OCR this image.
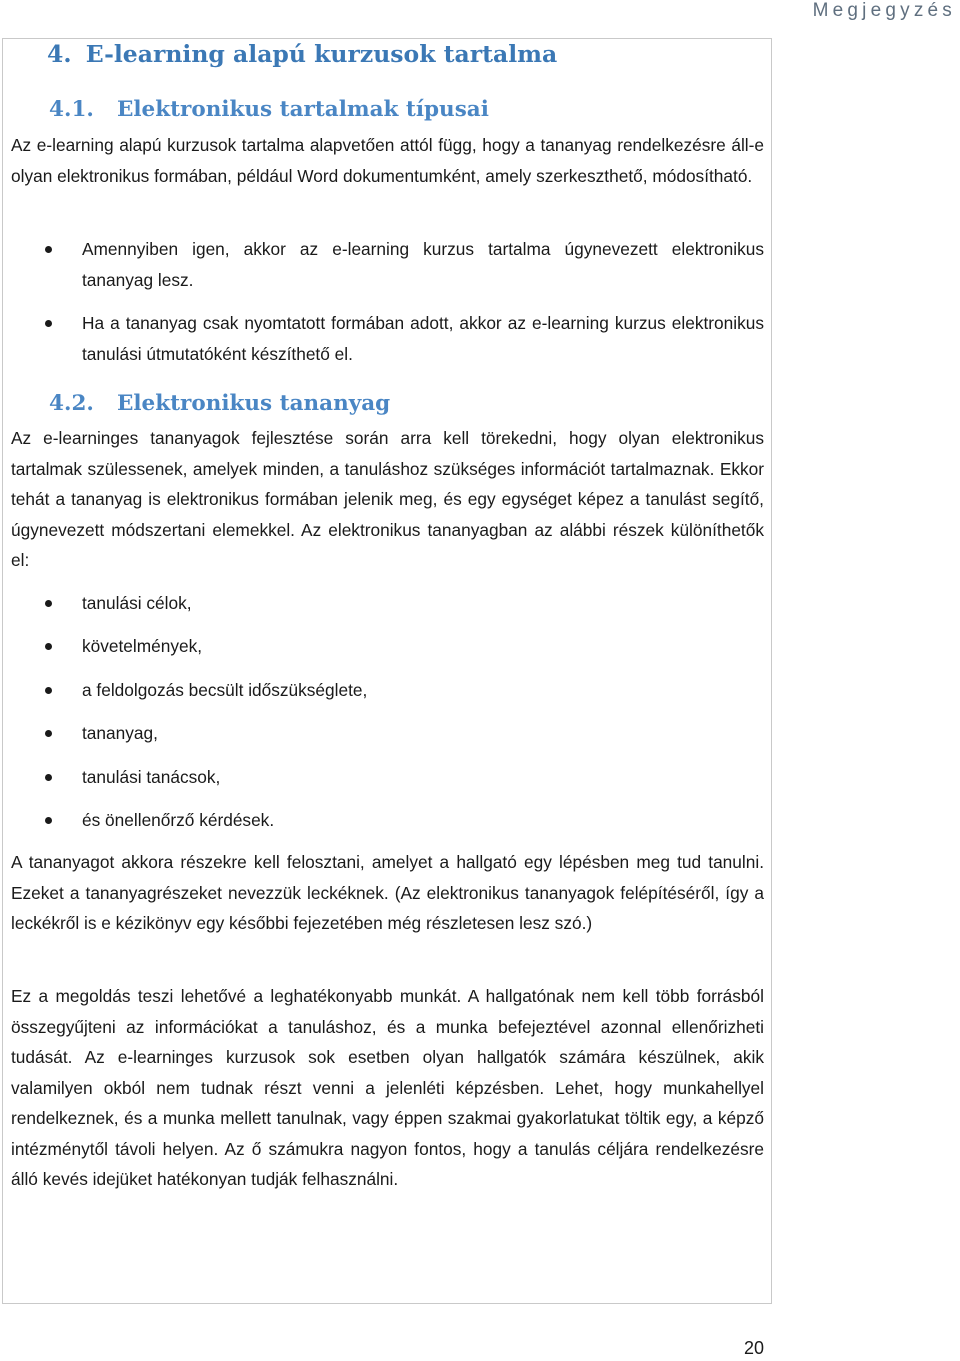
Megjegyzés
4. E-learning alapú kurzusok tartalma
4.1. Elektronikus tartalmak típusai

Az e-learning alapú kurzusok tartalma alapvetően attól függ, hogy a tananyag rendelkezésre áll-e olyan elektronikus formában, például Word dokumentumként, amely szerkeszthető, módosítható.

Amennyiben igen, akkor az e-learning kurzus tartalma úgynevezett elektronikus tananyag lesz.
Ha a tananyag csak nyomtatott formában adott, akkor az e-learning kurzus elektronikus tanulási útmutatóként készíthető el.
4.2. Elektronikus tananyag

Az e-learninges tananyagok fejlesztése során arra kell törekedni, hogy olyan elektronikus tartalmak szülessenek, amelyek minden, a tanuláshoz szükséges információt tartalmaznak. Ekkor tehát a tananyag is elektronikus formában jelenik meg, és egy egységet képez a tanulást segítő, úgynevezett módszertani elemekkel. Az elektronikus tananyagban az alábbi részek különíthetők el:

tanulási célok,
követelmények,
a feldolgozás becsült időszükséglete,
tananyag,
tanulási tanácsok,
és önellenőrző kérdések.

A tananyagot akkora részekre kell felosztani, amelyet a hallgató egy lépésben meg tud tanulni. Ezeket a tananyagrészeket nevezzük leckéknek. (Az elektronikus tananyagok felépítéséről, így a leckékről is e kézikönyv egy későbbi fejezetében még részletesen lesz szó.)

Ez a megoldás teszi lehetővé a leghatékonyabb munkát. A hallgatónak nem kell több forrásból összegyűjteni az információkat a tanuláshoz, és a munka befejeztével azonnal ellenőrizheti tudását. Az e-learninges kurzusok sok esetben olyan hallgatók számára készülnek, akik valamilyen okból nem tudnak részt venni a jelenléti képzésben. Lehet, hogy munkahellyel rendelkeznek, és a munka mellett tanulnak, vagy éppen szakmai gyakorlatukat töltik egy, a képző intézménytől távoli helyen. Az ő számukra nagyon fontos, hogy a tanulás céljára rendelkezésre álló kevés idejüket hatékonyan tudják felhasználni.

20
